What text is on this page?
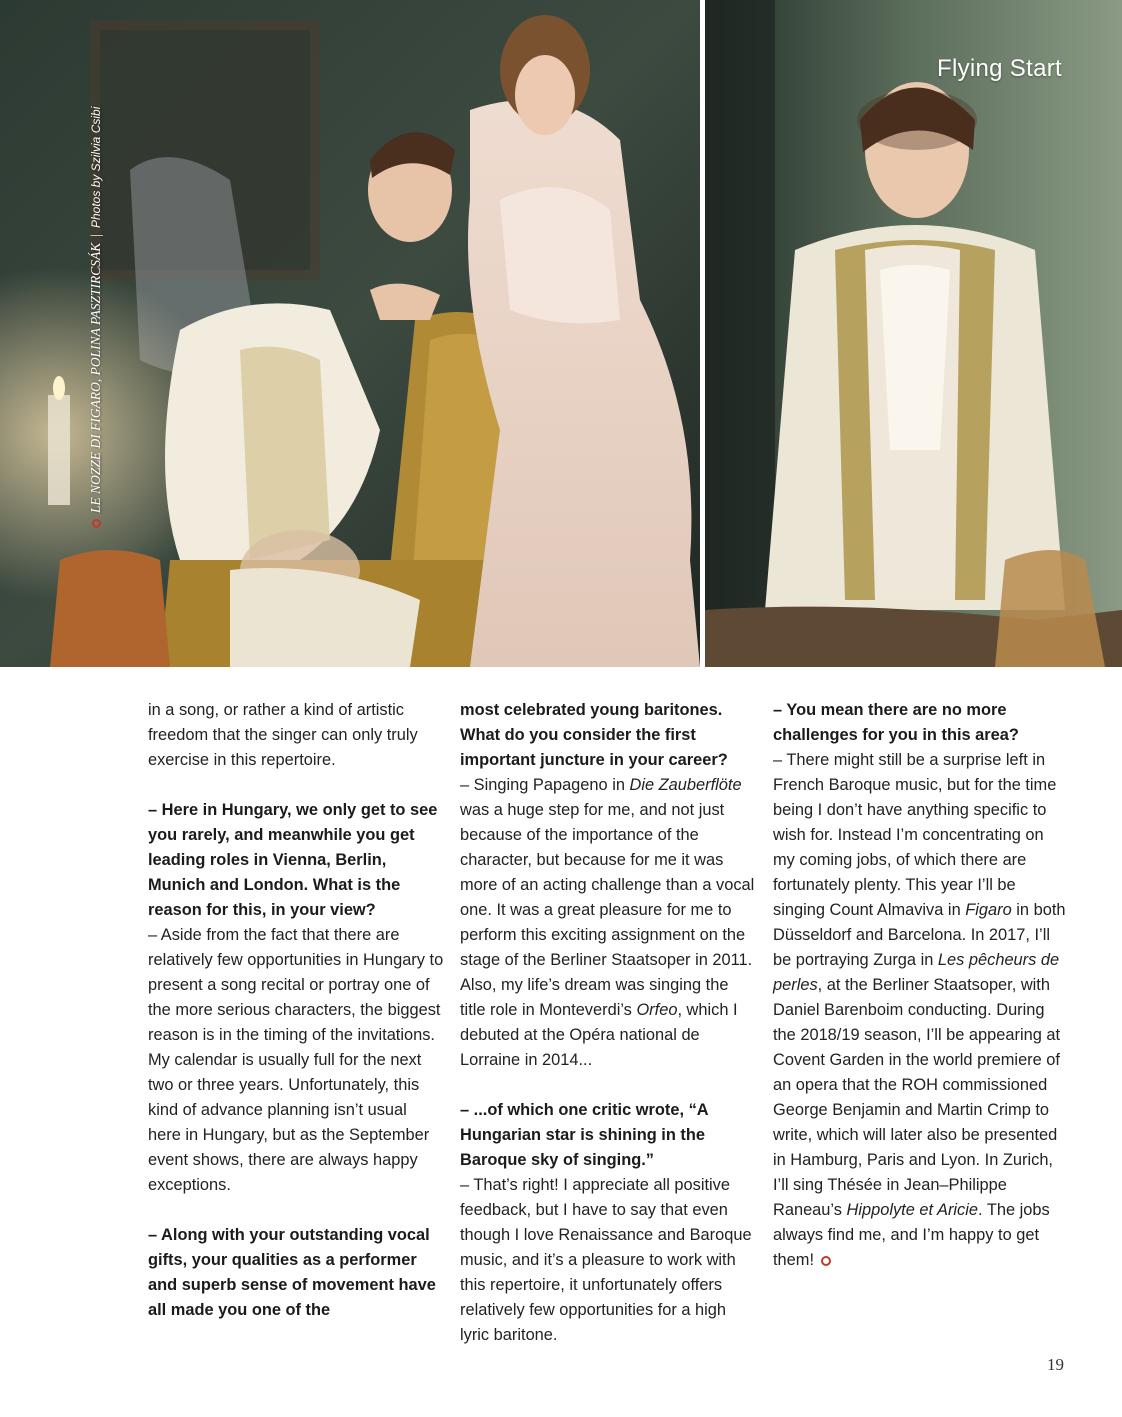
Flying Start
LE NOZZE DI FIGARO, POLINA PASZTIRCSÁK|Photos by Szilvia Csibi

in a song, or rather a kind of artistic freedom that the singer can only truly exercise in this repertoire.

– Here in Hungary, we only get to see you rarely, and meanwhile you get leading roles in Vienna, Berlin, Munich and London. What is the reason for this, in your view?

– Aside from the fact that there are relatively few opportunities in Hungary to present a song recital or portray one of the more serious characters, the biggest reason is in the timing of the invitations. My calendar is usually full for the next two or three years. Unfortunately, this kind of advance planning isn’t usual here in Hungary, but as the September event shows, there are always happy exceptions.

– Along with your outstanding vocal gifts, your qualities as a performer and superb sense of movement have all made you one of the

most celebrated young baritones. What do you consider the first important juncture in your career?

– Singing Papageno in Die Zauberflöte was a huge step for me, and not just because of the importance of the character, but because for me it was more of an acting challenge than a vocal one. It was a great pleasure for me to perform this exciting assignment on the stage of the Berliner Staatsoper in 2011. Also, my life’s dream was singing the title role in Monteverdi’s Orfeo, which I debuted at the Opéra national de Lorraine in 2014...

– ...of which one critic wrote, “A Hungarian star is shining in the Baroque sky of singing.”

– That’s right! I appreciate all positive feedback, but I have to say that even though I love Renaissance and Baroque music, and it’s a pleasure to work with this repertoire, it unfortunately offers relatively few opportunities for a high lyric baritone.

– You mean there are no more challenges for you in this area?

– There might still be a surprise left in French Baroque music, but for the time being I don’t have anything specific to wish for. Instead I’m concentrating on my coming jobs, of which there are fortunately plenty. This year I’ll be singing Count Almaviva in Figaro in both Düsseldorf and Barcelona. In 2017, I’ll be portraying Zurga in Les pêcheurs de perles, at the Berliner Staatsoper, with Daniel Barenboim conducting. During the 2018/19 season, I’ll be appearing at Covent Garden in the world premiere of an opera that the ROH commissioned George Benjamin and Martin Crimp to write, which will later also be presented in Hamburg, Paris and Lyon. In Zurich, I’ll sing Thésée in Jean–Philippe Raneau’s Hippolyte et Aricie. The jobs always find me, and I’m happy to get them!

19
